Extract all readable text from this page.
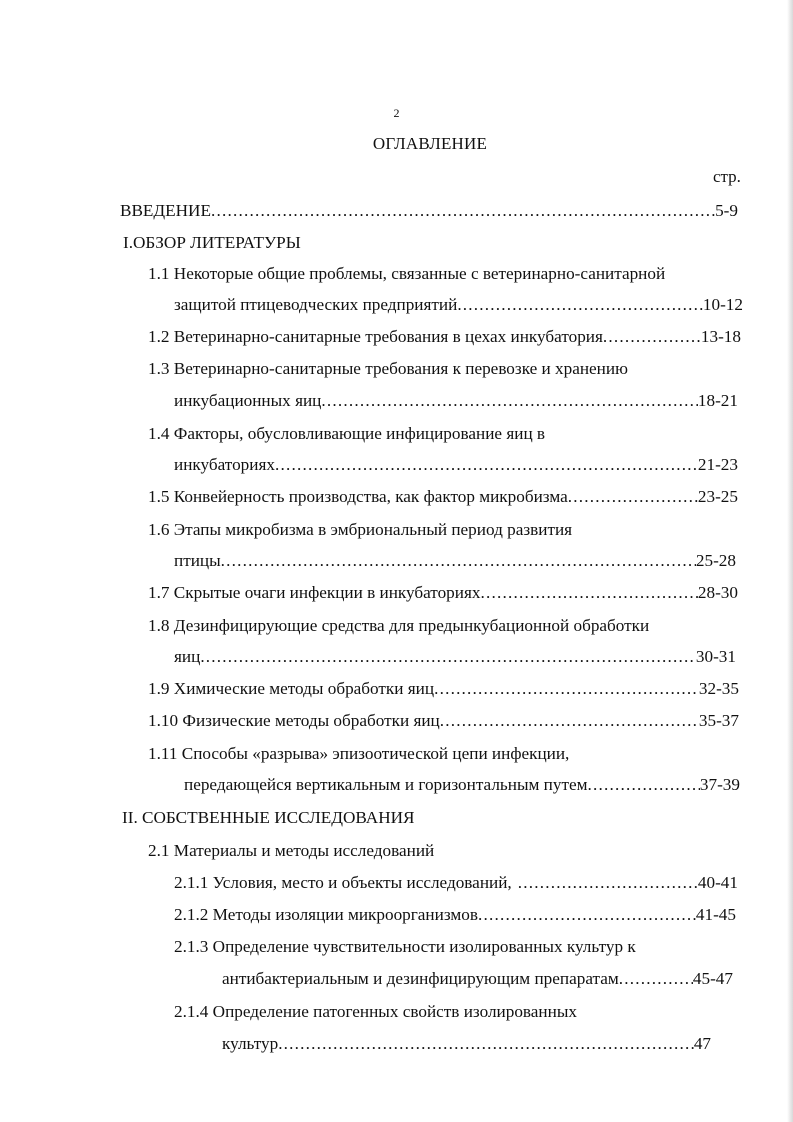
2
ОГЛАВЛЕНИЕ
стр.
ВВЕДЕНИЕ .....	5-9
I.ОБЗОР ЛИТЕРАТУРЫ
1.1 Некоторые общие проблемы, связанные с ветеринарно-санитарной
защитой птицеводческих предприятий .....	10-12
1.2 Ветеринарно-санитарные требования в цехах инкубатория .....	13-18
1.3 Ветеринарно-санитарные требования к перевозке и хранению
инкубационных яиц .....	18-21
1.4 Факторы, обусловливающие инфицирование яиц в
инкубаториях .....	21-23
1.5 Конвейерность производства, как фактор микробизма .....	23-25
1.6 Этапы микробизма в эмбриональный период развития
птицы .....	25-28
1.7 Скрытые очаги инфекции в инкубаториях .....	28-30
1.8 Дезинфицирующие средства для предынкубационной обработки
яиц .....	30-31
1.9 Химические методы обработки яиц .....	32-35
1.10 Физические методы обработки яиц .....	35-37
1.11 Способы «разрыва» эпизоотической цепи инфекции,
передающейся вертикальным и горизонтальным путем .....	37-39
II. СОБСТВЕННЫЕ ИССЛЕДОВАНИЯ
2.1 Материалы и методы исследований
2.1.1 Условия, место и объекты исследований, .....	40-41
2.1.2 Методы изоляции микроорганизмов .....	41-45
2.1.3 Определение чувствительности изолированных культур к
антибактериальным и дезинфицирующим препаратам .....	45-47
2.1.4 Определение патогенных свойств изолированных
культур .....	47
